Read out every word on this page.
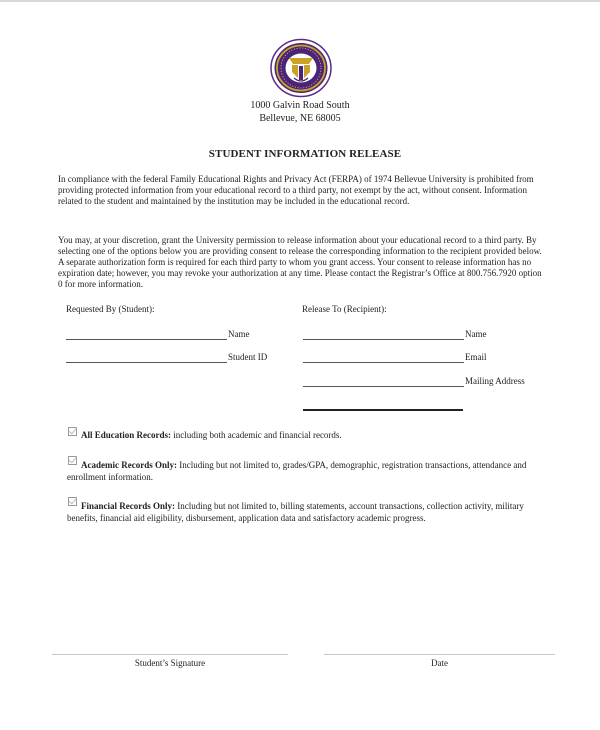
1000 Galvin Road South
Bellevue, NE 68005
STUDENT INFORMATION RELEASE
In compliance with the federal Family Educational Rights and Privacy Act (FERPA) of 1974 Bellevue University is prohibited from providing protected information from your educational record to a third party, not exempt by the act, without consent. Information related to the student and maintained by the institution may be included in the educational record.
You may, at your discretion, grant the University permission to release information about your educational record to a third party. By selecting one of the options below you are providing consent to release the corresponding information to the recipient provided below. A separate authorization form is required for each third party to whom you grant access. Your consent to release information has no expiration date; however, you may revoke your authorization at any time. Please contact the Registrar’s Office at 800.756.7920 option 0 for more information.
Requested By (Student):	Release To (Recipient):
Name
Student ID
Name
Email
Mailing Address
All Education Records: including both academic and financial records.
Academic Records Only: Including but not limited to, grades/GPA, demographic, registration transactions, attendance and enrollment information.
Financial Records Only: Including but not limited to, billing statements, account transactions, collection activity, military benefits, financial aid eligibility, disbursement, application data and satisfactory academic progress.
Student’s Signature	Date
